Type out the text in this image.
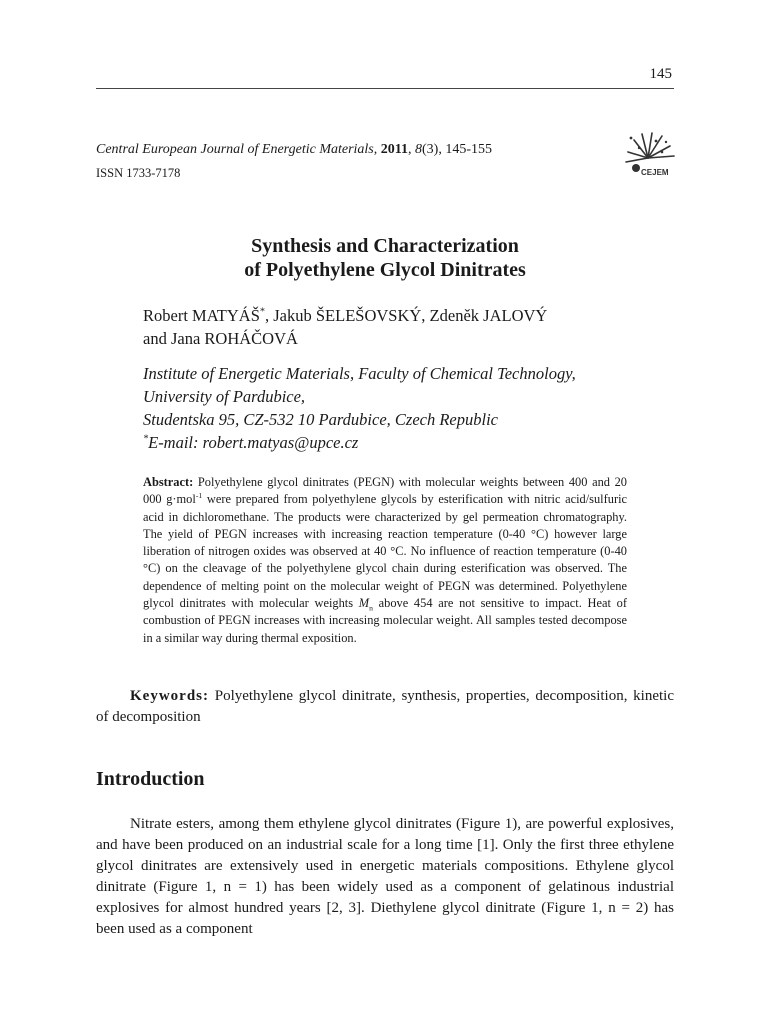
145
Central European Journal of Energetic Materials, 2011, 8(3), 145-155
ISSN 1733-7178	CEJEM
Synthesis and Characterization
of Polyethylene Glycol Dinitrates
Robert MATYÁŠ*, Jakub ŠELEŠOVSKÝ, Zdeněk JALOVÝ
and Jana ROHÁČOVÁ
Institute of Energetic Materials, Faculty of Chemical Technology,
University of Pardubice,
Studentska 95, CZ-532 10 Pardubice, Czech Republic
*E-mail: robert.matyas@upce.cz
Abstract: Polyethylene glycol dinitrates (PEGN) with molecular weights between 400 and 20 000 g·mol$^{-1}$ were prepared from polyethylene glycols by esterification with nitric acid/sulfuric acid in dichloromethane. The products were characterized by gel permeation chromatography. The yield of PEGN increases with increasing reaction temperature (0-40 °C) however large liberation of nitrogen oxides was observed at 40 °C. No influence of reaction temperature (0-40 °C) on the cleavage of the polyethylene glycol chain during esterification was observed. The dependence of melting point on the molecular weight of PEGN was determined. Polyethylene glycol dinitrates with molecular weights $M_n$ above 454 are not sensitive to impact. Heat of combustion of PEGN increases with increasing molecular weight. All samples tested decompose in a similar way during thermal exposition.
Keywords: Polyethylene glycol dinitrate, synthesis, properties, decomposition, kinetic of decomposition
Introduction
Nitrate esters, among them ethylene glycol dinitrates (Figure 1), are powerful explosives, and have been produced on an industrial scale for a long time [1]. Only the first three ethylene glycol dinitrates are extensively used in energetic materials compositions. Ethylene glycol dinitrate (Figure 1, n = 1) has been widely used as a component of gelatinous industrial explosives for almost hundred years [2, 3]. Diethylene glycol dinitrate (Figure 1, n = 2) has been used as a component
